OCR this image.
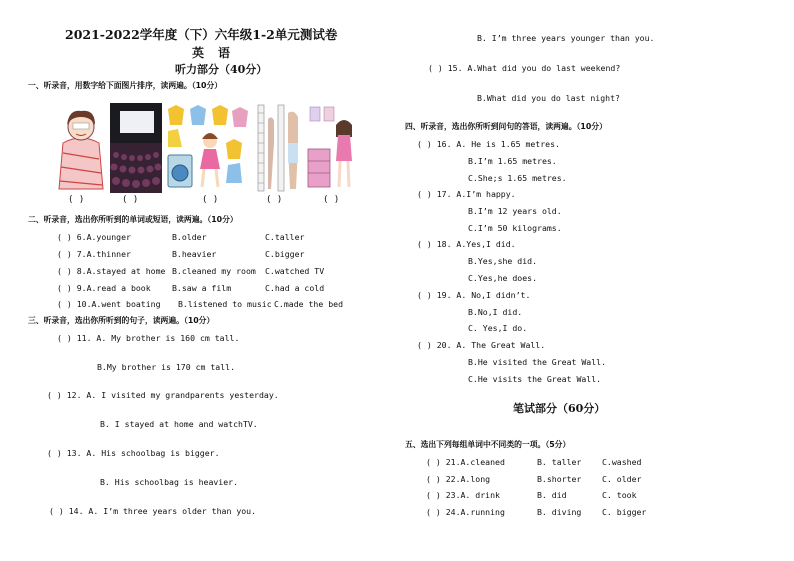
2021-2022学年度（下）六年级1-2单元测试卷
英　语
听力部分（40分）
一、听录音，用数字给下面图片排序，读两遍。（10分）
( )	( )	( )	( )	( )
二、听录音，选出你所听到的单词或短语，读两遍。（10分）
( ) 6.A.younger	B.older	C.taller
( ) 7.A.thinner	B.heavier	C.bigger
( ) 8.A.stayed at home B.cleaned my room C.watched TV
( ) 9.A.read a book	B.saw a film	C.had a cold
( ) 10.A.went boating B.listened to music C.made the bed
三、听录音，选出你所听到的句子，读两遍。（10分）
( ) 11. A. My brother is 160 cm tall.
B.My brother is 170 cm tall.
( ) 12. A. I visited my grandparents yesterday.
B. I stayed at home and watchTV.
( ) 13. A. His schoolbag is bigger.
B. His schoolbag is heavier.
( ) 14. A. I’m three years older than you.
B. I’m three years younger than you.
( ) 15. A.What did you do last weekend?
B.What did you do last night?
四、听录音，选出你所听到问句的答语，读两遍。（10分）
( ) 16. A. He is 1.65 metres.
B.I’m 1.65 metres.
C.She;s 1.65 metres.
( ) 17. A.I’m happy.
B.I’m 12 years old.
C.I’m 50 kilograms.
( ) 18. A.Yes,I did.
B.Yes,she did.
C.Yes,he does.
( ) 19. A. No,I didn’t.
B.No,I did.
C. Yes,I do.
( ) 20. A. The Great Wall.
B.He visited the Great Wall.
C.He visits the Great Wall.
笔试部分（60分）
五、选出下列每组单词中不同类的一项。（5分）
( ) 21.A.cleaned	B. taller	C.washed
( ) 22.A.long	B.shorter	C. older
( ) 23.A. drink	B. did	C. took
( ) 24.A.running	B. diving	C. bigger
